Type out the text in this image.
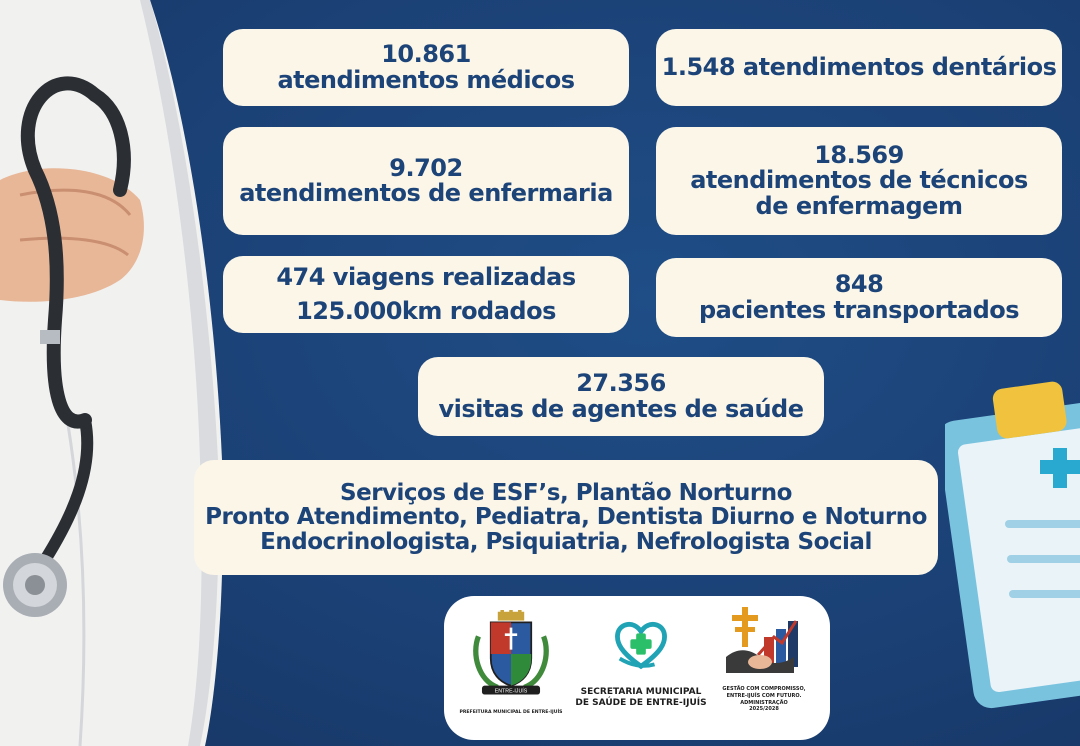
10.861
atendimentos médicos	1.548 atendimentos dentários
9.702
atendimentos de enfermaria
18.569
atendimentos de técnicos
de enfermagem
474 viagens realizadas
125.000km rodados
848
pacientes transportados
27.356
visitas de agentes de saúde
Serviços de ESF’s, Plantão Norturno
Pronto Atendimento, Pediatra, Dentista Diurno e Noturno
Endocrinologista, Psiquiatria, Nefrologista Social
ENTRE-IJUÍS
PREFEITURA MUNICIPAL DE ENTRE-IJUÍS
SECRETARIA MUNICIPAL
DE SAÚDE DE ENTRE-IJUÍS
GESTÃO COM COMPROMISSO,
ENTRE-IJUÍS COM FUTURO.
ADMINISTRAÇÃO
2025/2028
